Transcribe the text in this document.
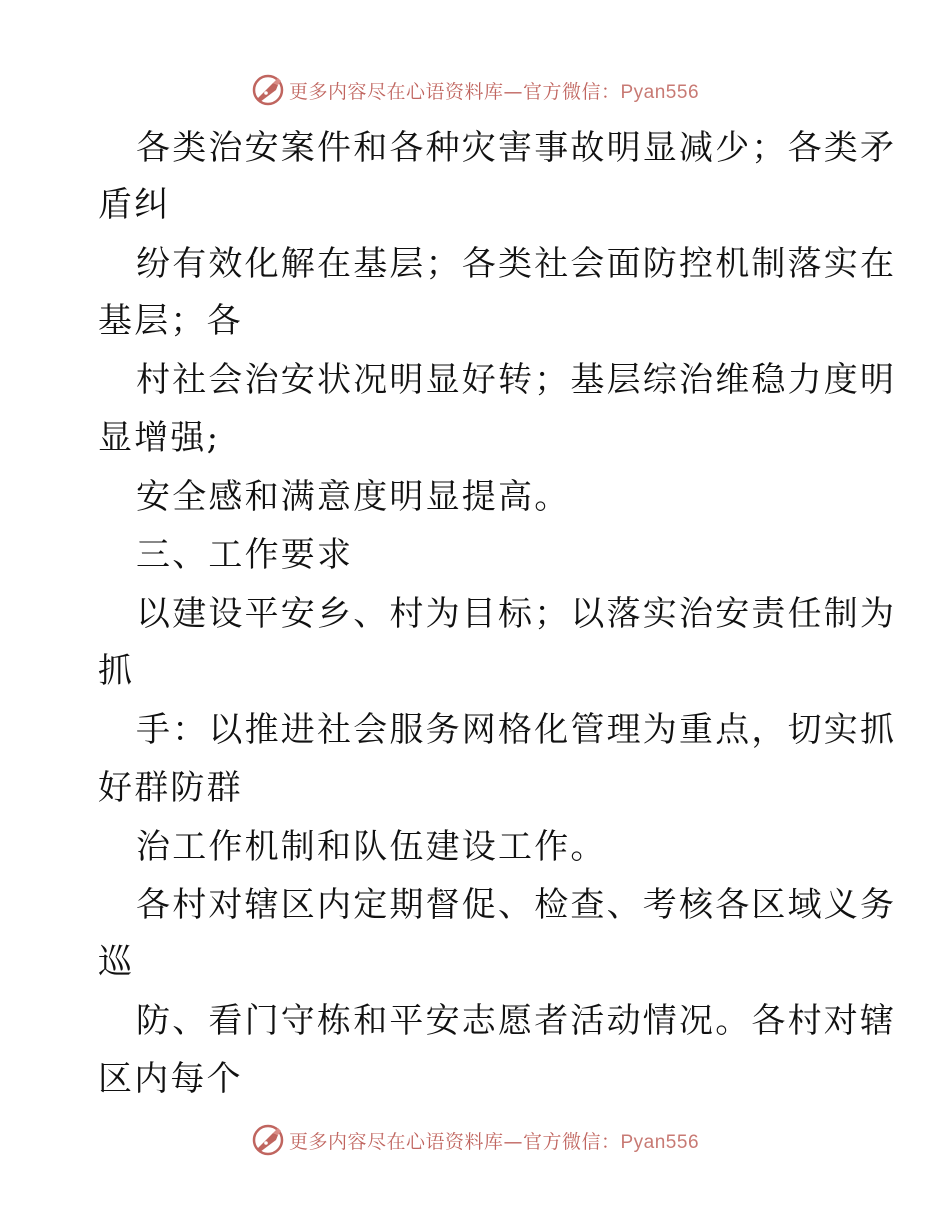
更多内容尽在心语资料库—官方微信：Pyan556
各类治安案件和各种灾害事故明显减少；各类矛
盾纠
纷有效化解在基层；各类社会面防控机制落实在
基层；各
村社会治安状况明显好转；基层综治维稳力度明
显增强;
安全感和满意度明显提高。
三、工作要求
以建设平安乡、村为目标；以落实治安责任制为
抓
手：以推进社会服务网格化管理为重点，切实抓
好群防群
治工作机制和队伍建设工作。
各村对辖区内定期督促、检查、考核各区域义务
巡
防、看门守栋和平安志愿者活动情况。各村对辖
区内每个
更多内容尽在心语资料库—官方微信：Pyan556
